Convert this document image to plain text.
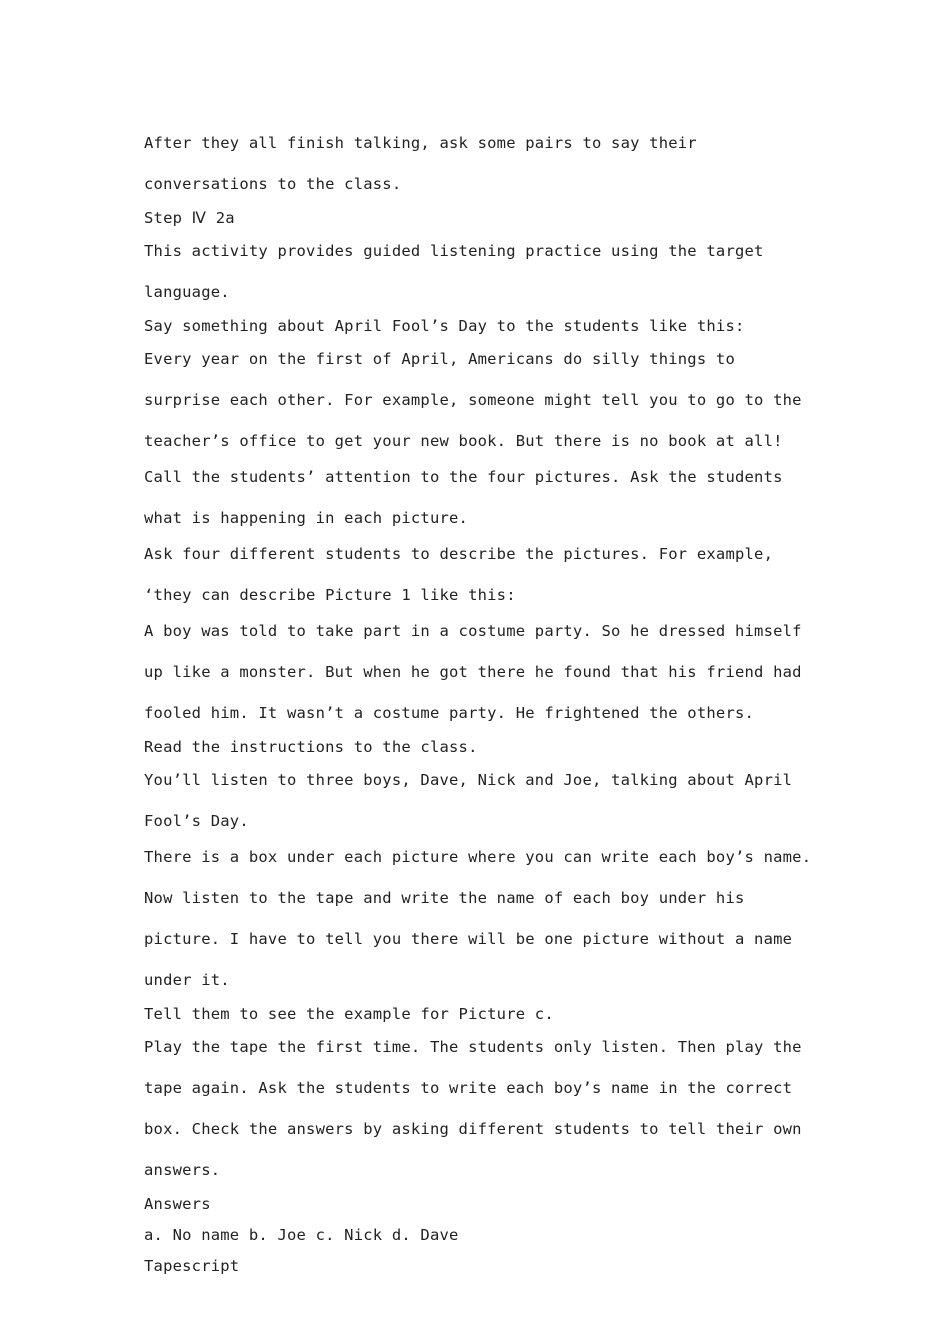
After they all finish talking, ask some pairs to say their conversations to the class.

Step Ⅳ 2a

This activity provides guided listening practice using the target language.

Say something about April Fool’s Day to the students like this:

Every year on the first of April, Americans do silly things to surprise each other. For example, someone might tell you to go to the teacher’s office to get your new book. But there is no book at all!

Call the students’ attention to the four pictures. Ask the students what is happening in each picture.

Ask four different students to describe the pictures. For example, ‘they can describe Picture 1 like this:

A boy was told to take part in a costume party. So he dressed himself up like a monster. But when he got there he found that his friend had fooled him. It wasn’t a costume party. He frightened the others.

Read the instructions to the class.

You’ll listen to three boys, Dave, Nick and Joe, talking about April Fool’s Day.

There is a box under each picture where you can write each boy’s name. Now listen to the tape and write the name of each boy under his picture. I have to tell you there will be one picture without a name under it.

Tell them to see the example for Picture c.

Play the tape the first time. The students only listen. Then play the tape again. Ask the students to write each boy’s name in the correct box. Check the answers by asking different students to tell their own answers.

Answers

a. No name b. Joe c. Nick d. Dave

Tapescript
